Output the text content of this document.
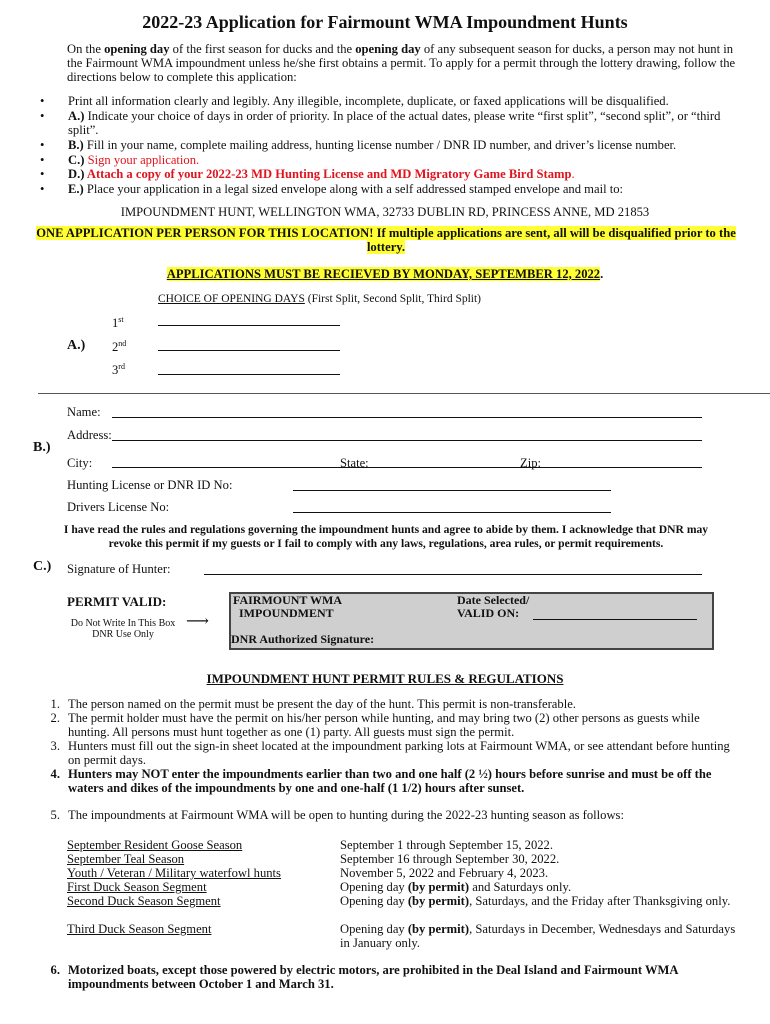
2022-23 Application for Fairmount WMA Impoundment Hunts
On the opening day of the first season for ducks and the opening day of any subsequent season for ducks, a person may not hunt in the Fairmount WMA impoundment unless he/she first obtains a permit. To apply for a permit through the lottery drawing, follow the directions below to complete this application:
• Print all information clearly and legibly. Any illegible, incomplete, duplicate, or faxed applications will be disqualified.
• A.) Indicate your choice of days in order of priority. In place of the actual dates, please write “first split”, “second split”, or “third split”.
• B.) Fill in your name, complete mailing address, hunting license number / DNR ID number, and driver’s license number.
• C.) Sign your application.
• D.) Attach a copy of your 2022-23 MD Hunting License and MD Migratory Game Bird Stamp.
• E.) Place your application in a legal sized envelope along with a self addressed stamped envelope and mail to:
IMPOUNDMENT HUNT, WELLINGTON WMA, 32733 DUBLIN RD, PRINCESS ANNE, MD 21853
ONE APPLICATION PER PERSON FOR THIS LOCATION! If multiple applications are sent, all will be disqualified prior to the lottery.
APPLICATIONS MUST BE RECIEVED BY MONDAY, SEPTEMBER 12, 2022.
CHOICE OF OPENING DAYS (First Split, Second Split, Third Split)
1st
A.) 2nd
3rd
Name:
Address:
B.)
City:	State:	Zip:
Hunting License or DNR ID No:
Drivers License No:
I have read the rules and regulations governing the impoundment hunts and agree to abide by them. I acknowledge that DNR may revoke this permit if my guests or I fail to comply with any laws, regulations, area rules, or permit requirements.
C.) Signature of Hunter:
PERMIT VALID:
Do Not Write In This Box
DNR Use Only
⟶
FAIRMOUNT WMA
IMPOUNDMENT
Date Selected/
VALID ON:
DNR Authorized Signature:
IMPOUNDMENT HUNT PERMIT RULES & REGULATIONS
1. The person named on the permit must be present the day of the hunt. This permit is non-transferable.
2. The permit holder must have the permit on his/her person while hunting, and may bring two (2) other persons as guests while hunting. All persons must hunt together as one (1) party. All guests must sign the permit.
3. Hunters must fill out the sign-in sheet located at the impoundment parking lots at Fairmount WMA, or see attendant before hunting on permit days.
4. Hunters may NOT enter the impoundments earlier than two and one half (2 ½) hours before sunrise and must be off the waters and dikes of the impoundments by one and one-half (1 1/2) hours after sunset.
5. The impoundments at Fairmount WMA will be open to hunting during the 2022-23 hunting season as follows:
September Resident Goose Season	September 1 through September 15, 2022.
September Teal Season	September 16 through September 30, 2022.
Youth / Veteran / Military waterfowl hunts	November 5, 2022 and February 4, 2023.
First Duck Season Segment	Opening day (by permit) and Saturdays only.
Second Duck Season Segment	Opening day (by permit), Saturdays, and the Friday after Thanksgiving only.
Third Duck Season Segment	Opening day (by permit), Saturdays in December, Wednesdays and Saturdays in January only.
6. Motorized boats, except those powered by electric motors, are prohibited in the Deal Island and Fairmount WMA impoundments between October 1 and March 31.
